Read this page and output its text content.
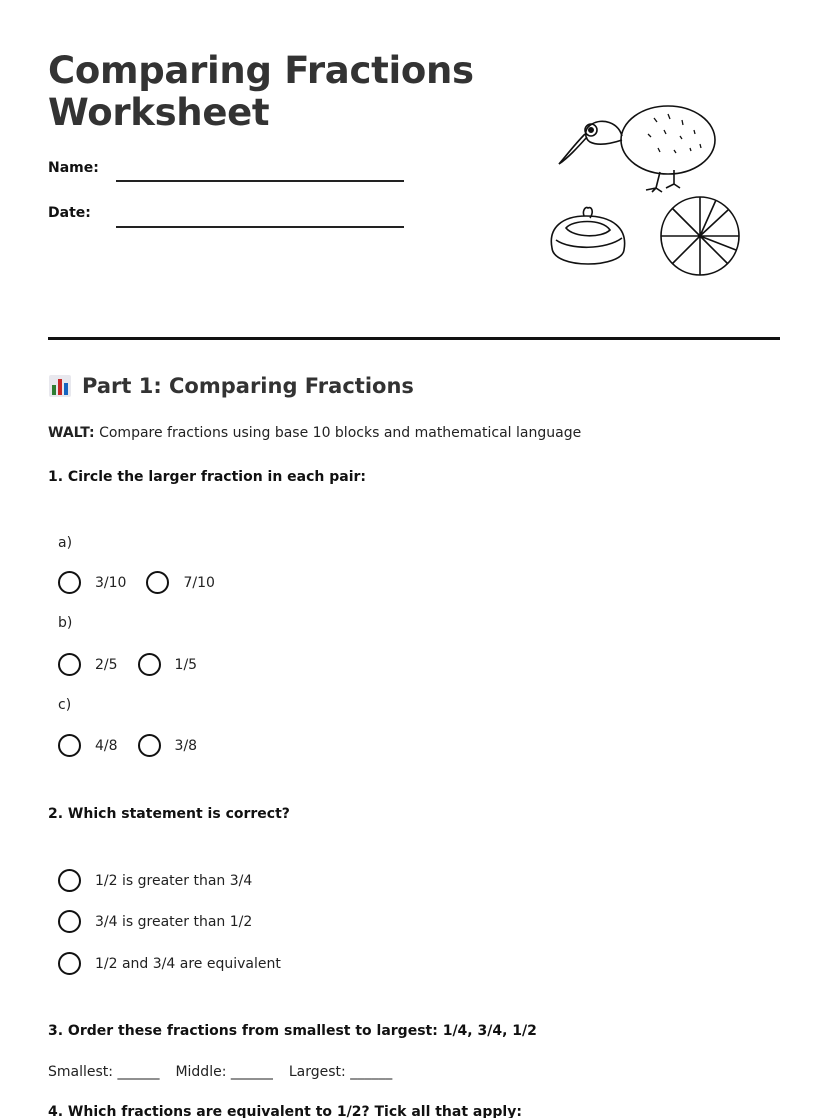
Comparing Fractions
Worksheet
Name:
Date:
Part 1: Comparing Fractions
WALT: Compare fractions using base 10 blocks and mathematical language
1. Circle the larger fraction in each pair:
a)
3/10	7/10
b)
2/5	1/5
c)
4/8	3/8
2. Which statement is correct?
1/2 is greater than 3/4
3/4 is greater than 1/2
1/2 and 3/4 are equivalent
3. Order these fractions from smallest to largest: 1/4, 3/4, 1/2
Smallest: ______ Middle: ______ Largest: ______
4. Which fractions are equivalent to 1/2? Tick all that apply:
